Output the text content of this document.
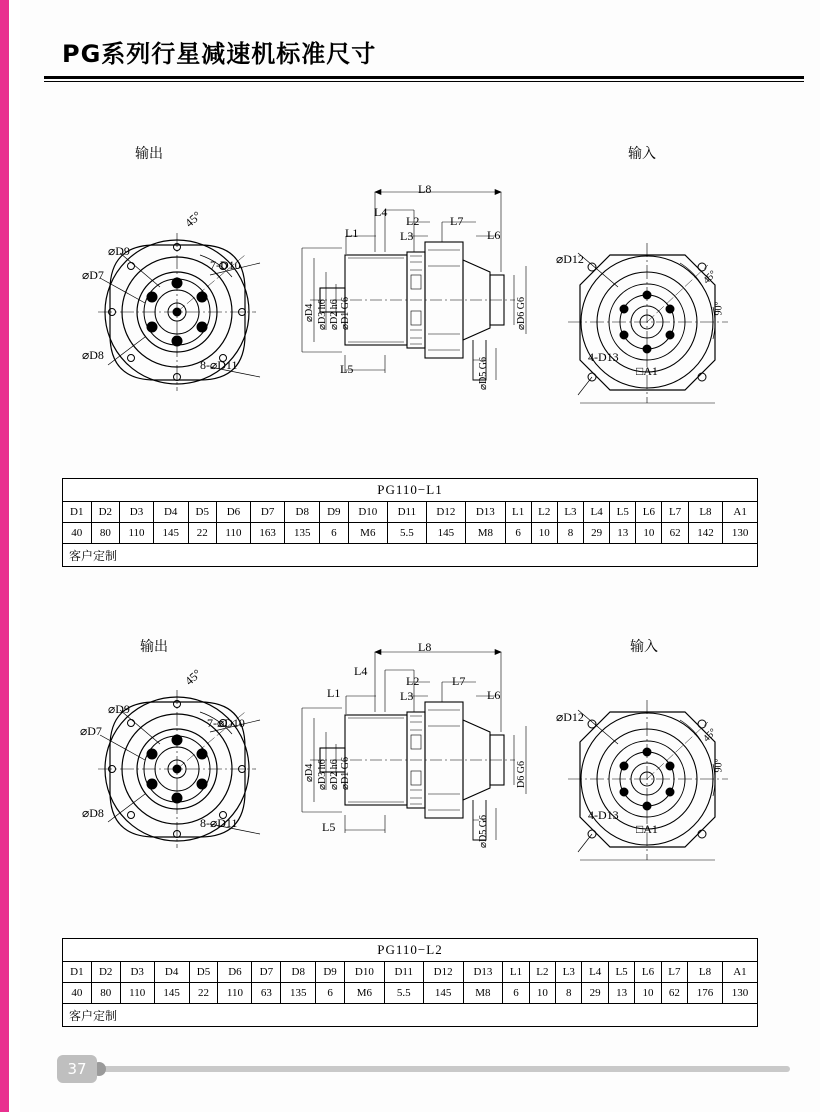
PG系列行星减速机标准尺寸
输出	输入
⌀D9
⌀D7
⌀D8
45°
7-D10
8-⌀D11
L8
L4
L2	L7
L1	L3	L6
⌀D4 ⌀D3 h6 ⌀D2 h6 ⌀D1 G6	⌀D6 G6
⌀D5 G6
L5
⌀D12
45°
90°
4-D13
□A1
PG110−L1																					
D1	D2	D3	D4	D5	D6	D7	D8	D9	D10	D11	D12	D13	L1	L2	L3	L4	L5	L6	L7	L8	A1
40	80	110	145	22	110	163	135	6	M6	5.5	145	M8	6	10	8	29	13	10	62	142	130
客户定制																					
输出	输入
⌀D9
⌀D7
⌀D8
45°
7-⌀D10
8-⌀D11
L8
L4
L2	L7
L1	L3	L6
⌀D4 ⌀D3 h6 ⌀D2 h6 ⌀D1 G6	D6 G6
⌀D5 G6
L5
⌀D12
45°
90°
4-D13
□A1
PG110−L2																					
D1	D2	D3	D4	D5	D6	D7	D8	D9	D10	D11	D12	D13	L1	L2	L3	L4	L5	L6	L7	L8	A1
40	80	110	145	22	110	63	135	6	M6	5.5	145	M8	6	10	8	29	13	10	62	176	130
客户定制																					
37
